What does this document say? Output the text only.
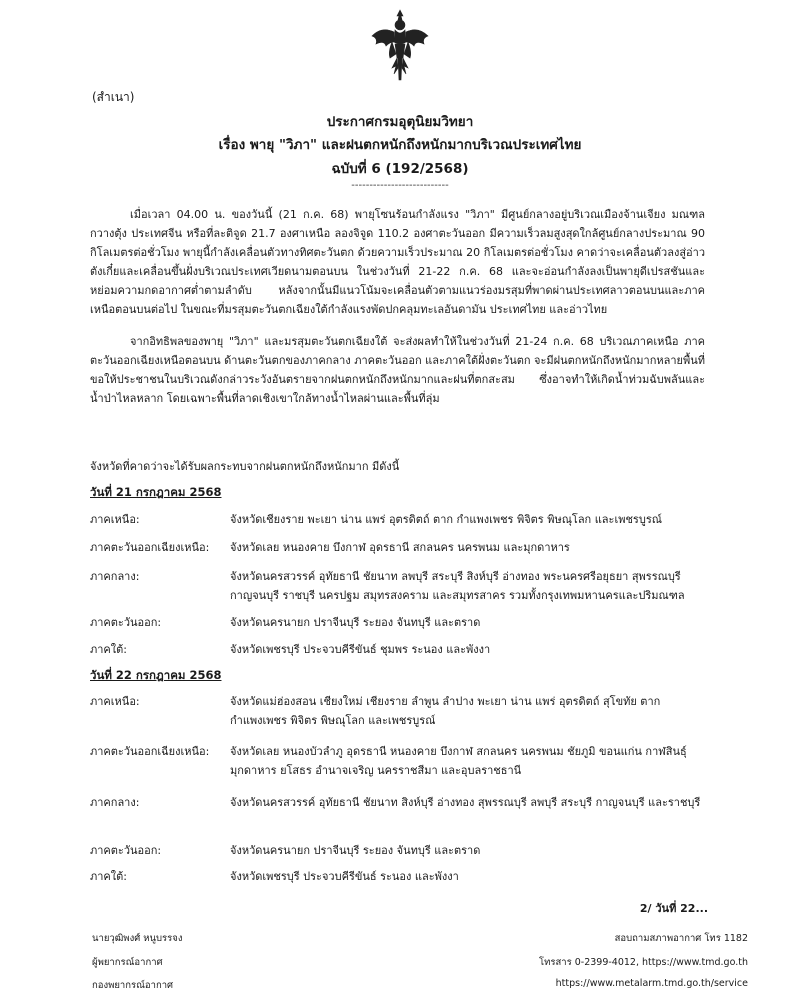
(สำเนา)
ประกาศกรมอุตุนิยมวิทยา
เรื่อง พายุ "วิภา" และฝนตกหนักถึงหนักมากบริเวณประเทศไทย
ฉบับที่ 6 (192/2568)
---------------------------
เมื่อเวลา 04.00 น. ของวันนี้ (21 ก.ค. 68) พายุโซนร้อนกำลังแรง "วิภา" มีศูนย์กลางอยู่บริเวณเมืองจ้านเจียง มณฑลกวางตุ้ง ประเทศจีน หรือที่ละติจูด 21.7 องศาเหนือ ลองจิจูด 110.2 องศาตะวันออก มีความเร็วลมสูงสุดใกล้ศูนย์กลางประมาณ 90 กิโลเมตรต่อชั่วโมง พายุนี้กำลังเคลื่อนตัวทางทิศตะวันตก ด้วยความเร็วประมาณ 20 กิโลเมตรต่อชั่วโมง คาดว่าจะเคลื่อนตัวลงสู่อ่าวตังเกี๋ยและเคลื่อนขึ้นฝั่งบริเวณประเทศเวียดนามตอนบน ในช่วงวันที่ 21-22 ก.ค. 68 และจะอ่อนกำลังลงเป็นพายุดีเปรสชันและหย่อมความกดอากาศต่ำตามลำดับ หลังจากนั้นมีแนวโน้มจะเคลื่อนตัวตามแนวร่องมรสุมที่พาดผ่านประเทศลาวตอนบนและภาคเหนือตอนบนต่อไป ในขณะที่มรสุมตะวันตกเฉียงใต้กำลังแรงพัดปกคลุมทะเลอันดามัน ประเทศไทย และอ่าวไทย
จากอิทธิพลของพายุ "วิภา" และมรสุมตะวันตกเฉียงใต้ จะส่งผลทำให้ในช่วงวันที่ 21-24 ก.ค. 68 บริเวณภาคเหนือ ภาคตะวันออกเฉียงเหนือตอนบน ด้านตะวันตกของภาคกลาง ภาคตะวันออก และภาคใต้ฝั่งตะวันตก จะมีฝนตกหนักถึงหนักมากหลายพื้นที่ ขอให้ประชาชนในบริเวณดังกล่าวระวังอันตรายจากฝนตกหนักถึงหนักมากและฝนที่ตกสะสม ซึ่งอาจทำให้เกิดน้ำท่วมฉับพลันและน้ำป่าไหลหลาก โดยเฉพาะพื้นที่ลาดเชิงเขาใกล้ทางน้ำไหลผ่านและพื้นที่ลุ่ม
จังหวัดที่คาดว่าจะได้รับผลกระทบจากฝนตกหนักถึงหนักมาก มีดังนี้
วันที่ 21 กรกฎาคม 2568
ภาคเหนือ:	จังหวัดเชียงราย พะเยา น่าน แพร่ อุตรดิตถ์ ตาก กำแพงเพชร พิจิตร พิษณุโลก และเพชรบูรณ์
ภาคตะวันออกเฉียงเหนือ:	จังหวัดเลย หนองคาย บึงกาฬ อุดรธานี สกลนคร นครพนม และมุกดาหาร
ภาคกลาง:	จังหวัดนครสวรรค์ อุทัยธานี ชัยนาท ลพบุรี สระบุรี สิงห์บุรี อ่างทอง พระนครศรีอยุธยา สุพรรณบุรี กาญจนบุรี ราชบุรี นครปฐม สมุทรสงคราม และสมุทรสาคร รวมทั้งกรุงเทพมหานครและปริมณฑล
ภาคตะวันออก:	จังหวัดนครนายก ปราจีนบุรี ระยอง จันทบุรี และตราด
ภาคใต้:	จังหวัดเพชรบุรี ประจวบคีรีขันธ์ ชุมพร ระนอง และพังงา
วันที่ 22 กรกฎาคม 2568
ภาคเหนือ:	จังหวัดแม่ฮ่องสอน เชียงใหม่ เชียงราย ลำพูน ลำปาง พะเยา น่าน แพร่ อุตรดิตถ์ สุโขทัย ตาก กำแพงเพชร พิจิตร พิษณุโลก และเพชรบูรณ์
ภาคตะวันออกเฉียงเหนือ:	จังหวัดเลย หนองบัวลำภู อุดรธานี หนองคาย บึงกาฬ สกลนคร นครพนม ชัยภูมิ ขอนแก่น กาฬสินธุ์ มุกดาหาร ยโสธร อำนาจเจริญ นครราชสีมา และอุบลราชธานี
ภาคกลาง:	จังหวัดนครสวรรค์ อุทัยธานี ชัยนาท สิงห์บุรี อ่างทอง สุพรรณบุรี ลพบุรี สระบุรี กาญจนบุรี และราชบุรี
ภาคตะวันออก:	จังหวัดนครนายก ปราจีนบุรี ระยอง จันทบุรี และตราด
ภาคใต้:	จังหวัดเพชรบุรี ประจวบคีรีขันธ์ ระนอง และพังงา
2/ วันที่ 22...
นายวุฒิพงศ์ หนูบรรจง
ผู้พยากรณ์อากาศ
กองพยากรณ์อากาศ
สอบถามสภาพอากาศ โทร 1182
โทรสาร 0-2399-4012, https://www.tmd.go.th
https://www.metalarm.tmd.go.th/service
